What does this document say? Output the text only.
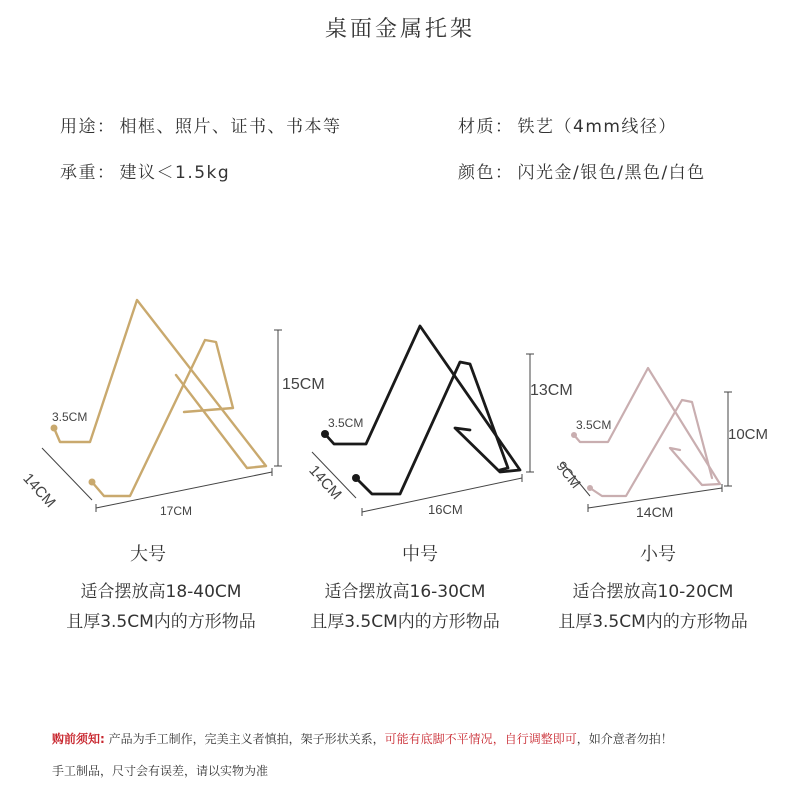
桌面金属托架
用途： 相框、照片、证书、书本等	材质： 铁艺（4mm线径）
承重： 建议＜1.5kg	颜色： 闪光金/银色/黑色/白色
15CM
3.5CM
14CM	17CM
13CM
3.5CM
14CM
16CM
10CM
3.5CM
9CM
14CM
大号	中号	小号
适合摆放高18-40CM
且厚3.5CM内的方形物品
适合摆放高16-30CM
且厚3.5CM内的方形物品
适合摆放高10-20CM
且厚3.5CM内的方形物品
购前须知: 产品为手工制作，完美主义者慎拍，架子形状关系，可能有底脚不平情况，自行调整即可，如介意者勿拍！
手工制品，尺寸会有误差，请以实物为准
